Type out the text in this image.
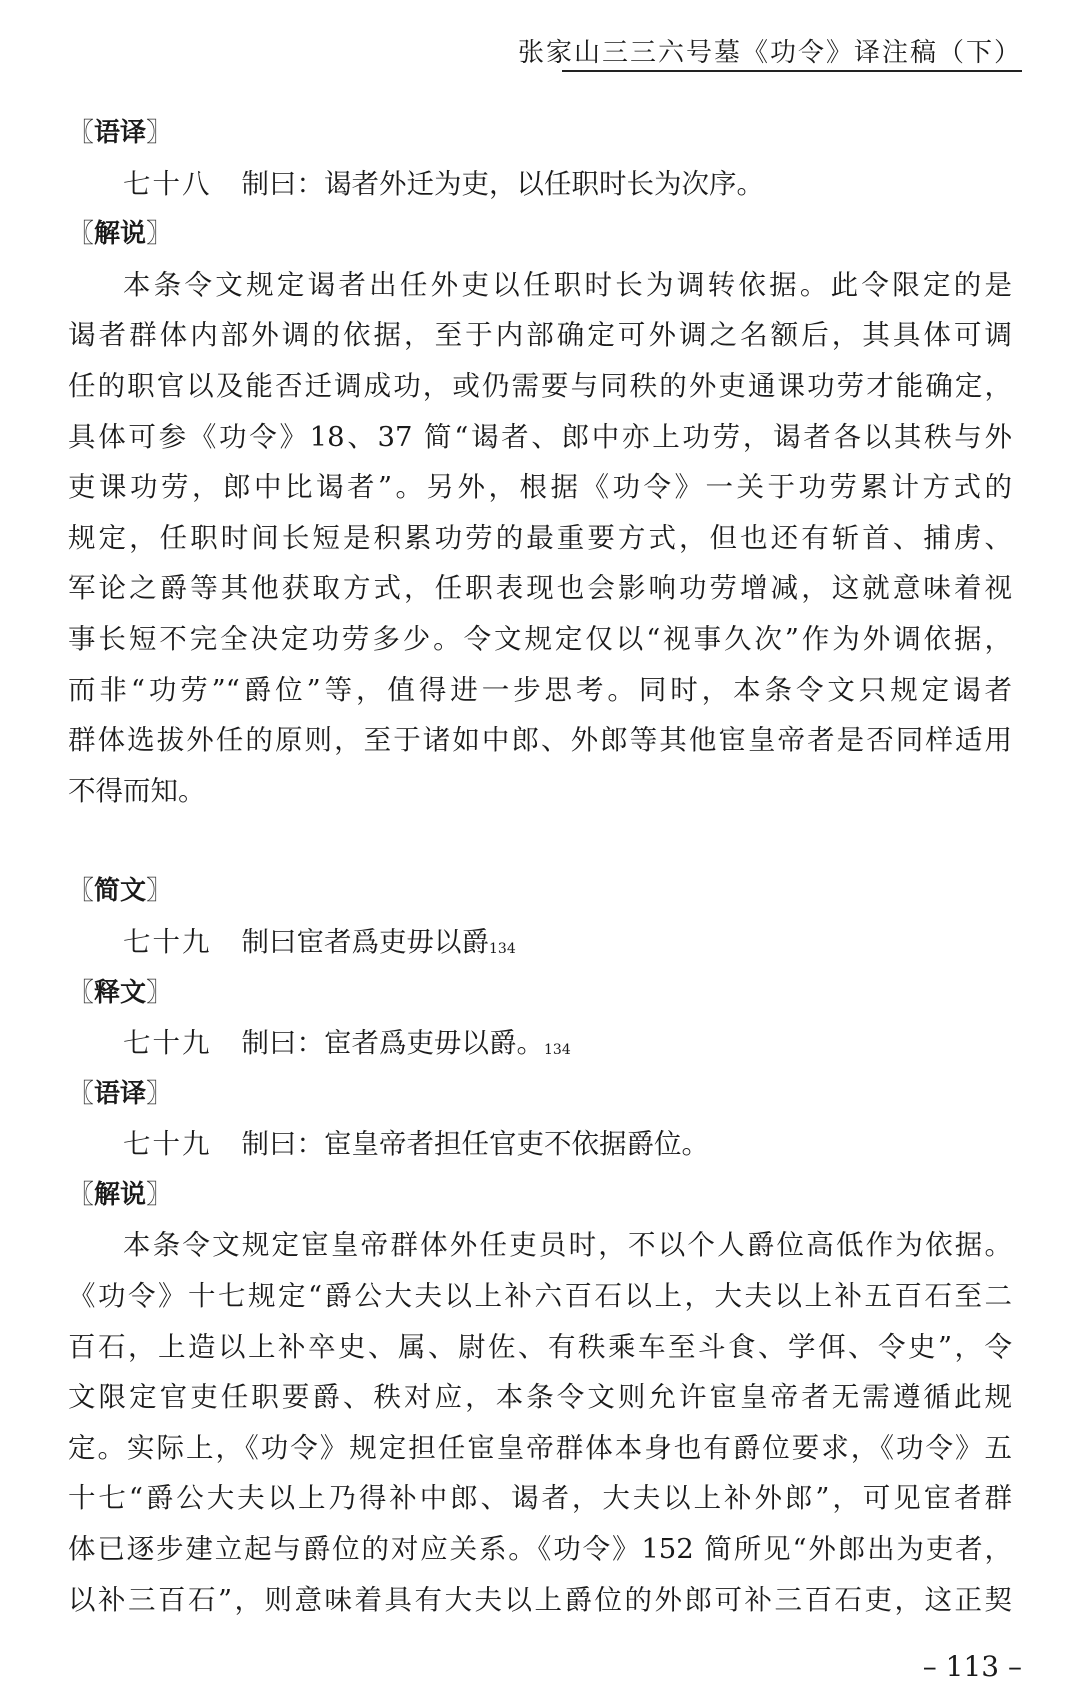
张家山三三六号墓《功令》译注稿（下）
〖语译〗
七十八 制曰：谒者外迁为吏，以任职时长为次序。
〖解说〗
本条令文规定谒者出任外吏以任职时长为调转依据。此令限定的是
谒者群体内部外调的依据，至于内部确定可外调之名额后，其具体可调
任的职官以及能否迁调成功，或仍需要与同秩的外吏通课功劳才能确定，
具体可参《功令》18、37 简“谒者、郎中亦上功劳，谒者各以其秩与外
吏课功劳，郎中比谒者”。另外，根据《功令》一关于功劳累计方式的
规定，任职时间长短是积累功劳的最重要方式，但也还有斩首、捕虏、
军论之爵等其他获取方式，任职表现也会影响功劳增减，这就意味着视
事长短不完全决定功劳多少。令文规定仅以“视事久次”作为外调依据，
而非“功劳”“爵位”等，值得进一步思考。同时，本条令文只规定谒者
群体选拔外任的原则，至于诸如中郎、外郎等其他宦皇帝者是否同样适用
不得而知。
〖简文〗
七十九 制曰宦者爲吏毋以爵134
〖释文〗
七十九 制曰：宦者爲吏毋以爵。134
〖语译〗
七十九 制曰：宦皇帝者担任官吏不依据爵位。
〖解说〗
本条令文规定宦皇帝群体外任吏员时，不以个人爵位高低作为依据。
《功令》十七规定“爵公大夫以上补六百石以上，大夫以上补五百石至二
百石，上造以上补卒史、属、尉佐、有秩乘车至斗食、学佴、令史”，令
文限定官吏任职要爵、秩对应，本条令文则允许宦皇帝者无需遵循此规
定。实际上，《功令》规定担任宦皇帝群体本身也有爵位要求，《功令》五
十七“爵公大夫以上乃得补中郎、谒者，大夫以上补外郎”，可见宦者群
体已逐步建立起与爵位的对应关系。《功令》152 简所见“外郎出为吏者，
以补三百石”，则意味着具有大夫以上爵位的外郎可补三百石吏，这正契
– 113 –
